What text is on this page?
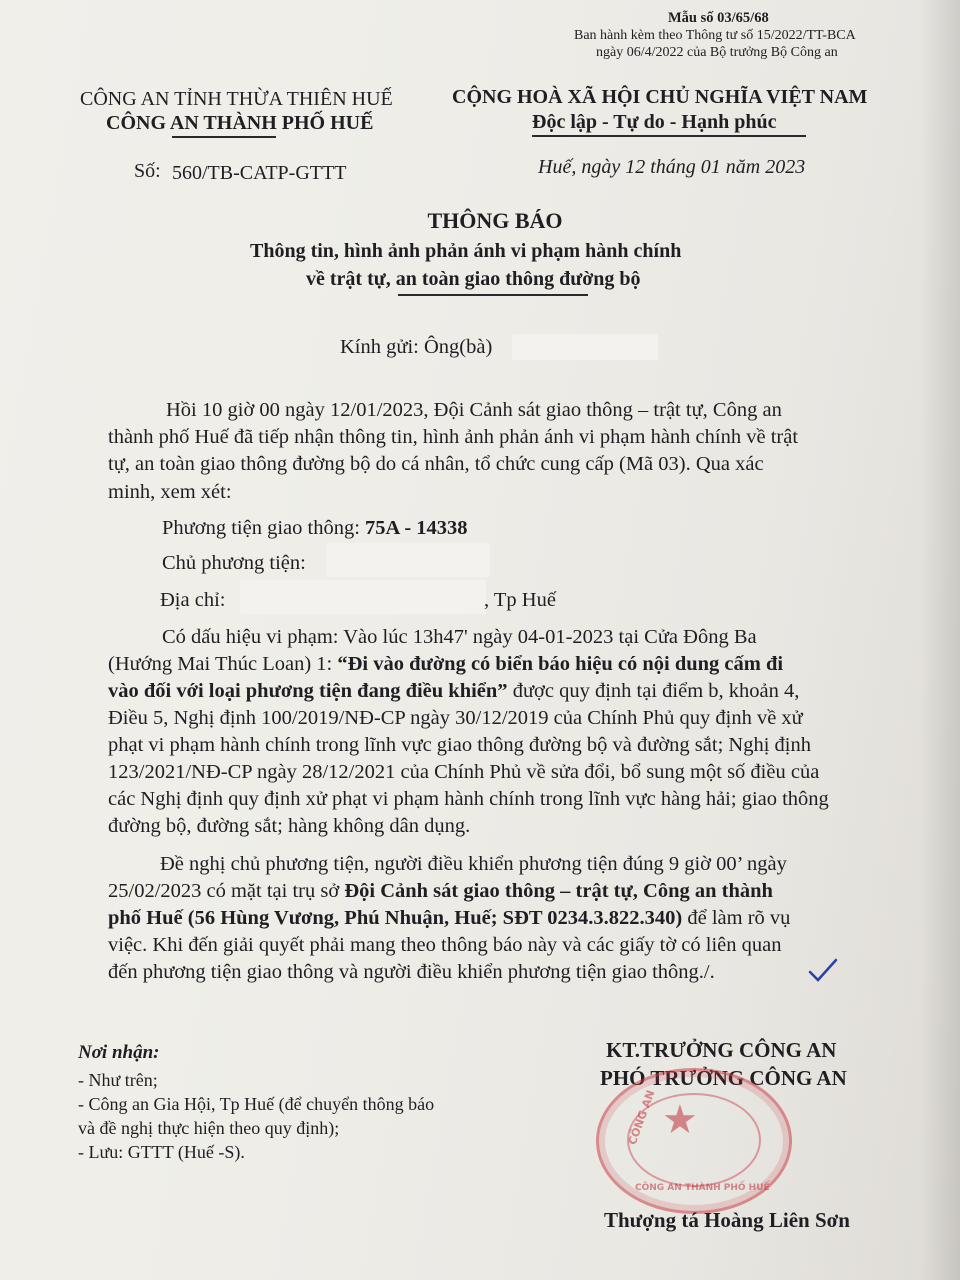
Mẫu số 03/65/68
Ban hành kèm theo Thông tư số 15/2022/TT-BCA
ngày 06/4/2022 của Bộ trưởng Bộ Công an
CÔNG AN TỈNH THỪA THIÊN HUẾ
CÔNG AN THÀNH PHỐ HUẾ
CỘNG HOÀ XÃ HỘI CHỦ NGHĨA VIỆT NAM
Độc lập - Tự do - Hạnh phúc
Số: 560/TB-CATP-GTTT	Huế, ngày 12 tháng 01 năm 2023
THÔNG BÁO
Thông tin, hình ảnh phản ánh vi phạm hành chính
về trật tự, an toàn giao thông đường bộ
Kính gửi: Ông(bà)
Hồi 10 giờ 00 ngày 12/01/2023, Đội Cảnh sát giao thông – trật tự, Công an
thành phố Huế đã tiếp nhận thông tin, hình ảnh phản ánh vi phạm hành chính về trật
tự, an toàn giao thông đường bộ do cá nhân, tổ chức cung cấp (Mã 03). Qua xác
minh, xem xét:
Phương tiện giao thông: 75A - 14338
Chủ phương tiện:
Địa chỉ:	, Tp Huế
Có dấu hiệu vi phạm: Vào lúc 13h47' ngày 04-01-2023 tại Cửa Đông Ba
(Hướng Mai Thúc Loan) 1: “Đi vào đường có biển báo hiệu có nội dung cấm đi
vào đối với loại phương tiện đang điều khiển” được quy định tại điểm b, khoản 4,
Điều 5, Nghị định 100/2019/NĐ-CP ngày 30/12/2019 của Chính Phủ quy định về xử
phạt vi phạm hành chính trong lĩnh vực giao thông đường bộ và đường sắt; Nghị định
123/2021/NĐ-CP ngày 28/12/2021 của Chính Phủ về sửa đổi, bổ sung một số điều của
các Nghị định quy định xử phạt vi phạm hành chính trong lĩnh vực hàng hải; giao thông
đường bộ, đường sắt; hàng không dân dụng.
Đề nghị chủ phương tiện, người điều khiển phương tiện đúng 9 giờ 00’ ngày
25/02/2023 có mặt tại trụ sở Đội Cảnh sát giao thông – trật tự, Công an thành
phố Huế (56 Hùng Vương, Phú Nhuận, Huế; SĐT 0234.3.822.340) để làm rõ vụ
việc. Khi đến giải quyết phải mang theo thông báo này và các giấy tờ có liên quan
đến phương tiện giao thông và người điều khiển phương tiện giao thông./.
Nơi nhận:
- Như trên;
- Công an Gia Hội, Tp Huế (để chuyển thông báo
và đề nghị thực hiện theo quy định);
- Lưu: GTTT (Huế -S).
KT.TRƯỞNG CÔNG AN
PHÓ TRƯỞNG CÔNG AN
★
CÔNG AN
CÔNG AN THÀNH PHỐ HUẾ
Thượng tá Hoàng Liên Sơn
